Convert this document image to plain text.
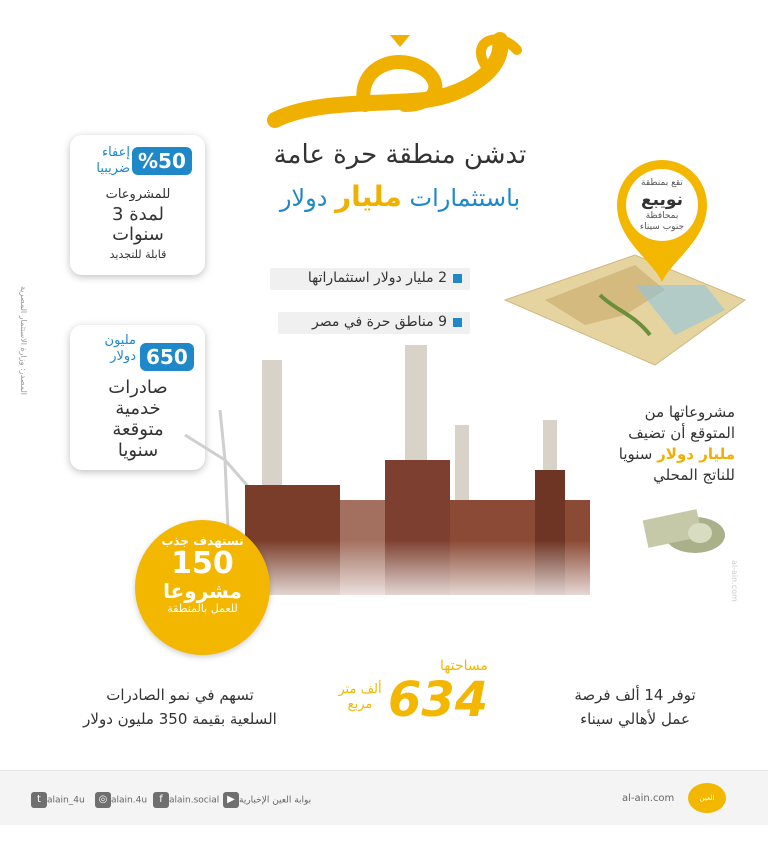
تدشن منطقة حرة عامة
باستثمارات مليار دولار
المصدر: وزارة الاستثمار المصرية
%50
إعفاء
ضريبيا
للمشروعات
لمدة 3
سنوات
قابلة للتجديد
650
مليون
دولار
صادرات
خدمية
متوقعة
سنويا
2 مليار دولار استثماراتها
9 مناطق حرة في مصر
تقع بمنطقة
نويبع
بمحافظة
جنوب سيناء
مشروعاتها من
المتوقع أن تضيف
مليار دولار سنويا
للناتج المحلي
al-ain.com
تستهدف جذب
150
مشروعا
للعمل بالمنطقة
تسهم في نمو الصادرات
السلعية بقيمة 350 مليون دولار
مساحتها
634
ألف متر
مربع
توفر 14 ألف فرصة
عمل لأهالي سيناء
t alain_4u	◎ alain.4u	f alain.social ▶ بوابة العين الإخبارية	al-ain.com	العين الإخبارية
